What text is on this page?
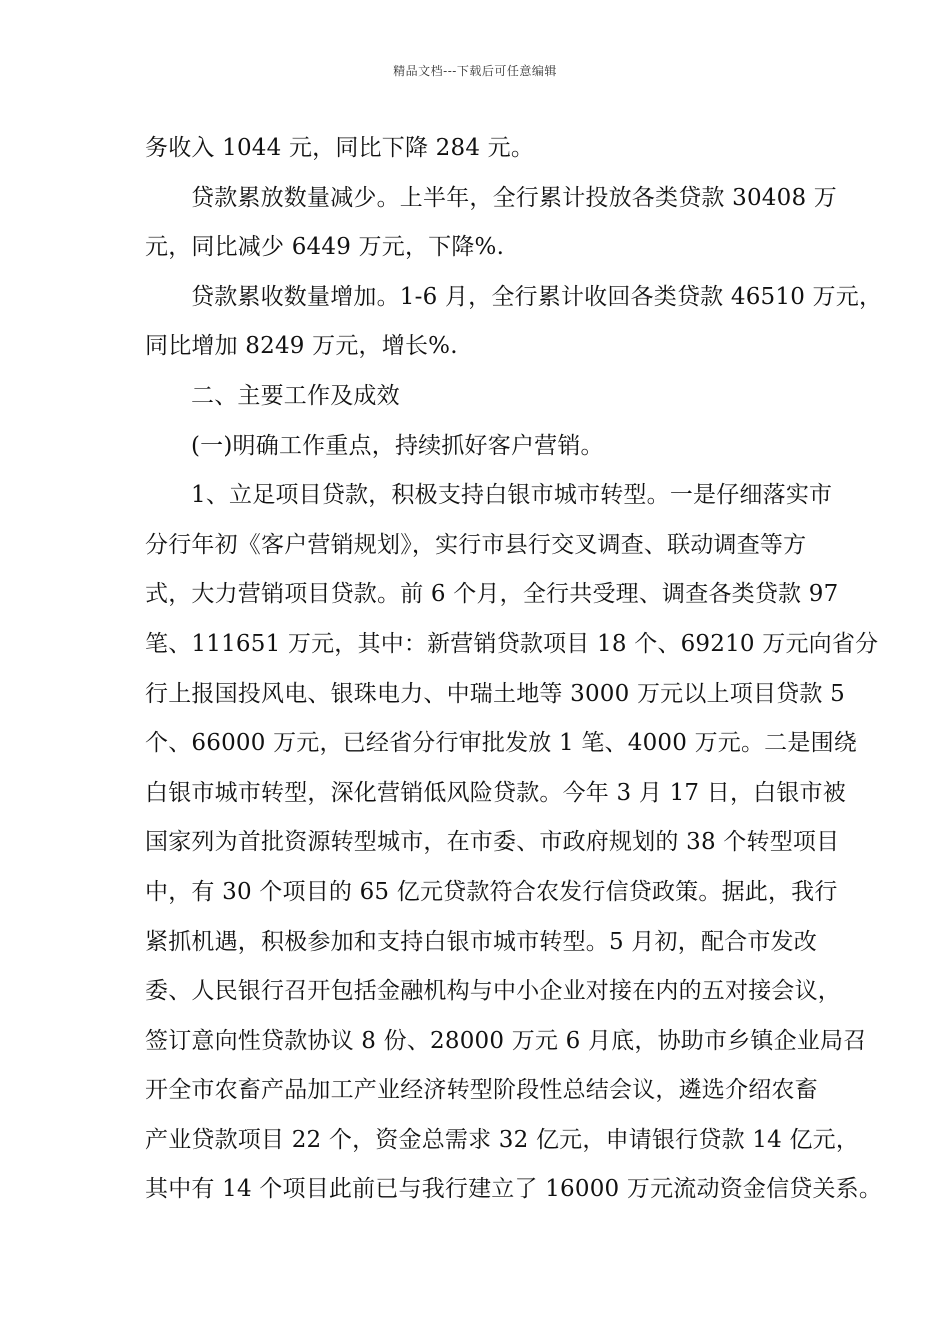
精品文档---下载后可任意编辑
务收入 1044 元，同比下降 284 元。
贷款累放数量减少。上半年，全行累计投放各类贷款 30408 万
元，同比减少 6449 万元，下降%.
贷款累收数量增加。1-6 月，全行累计收回各类贷款 46510 万元，
同比增加 8249 万元，增长%.
二、主要工作及成效
(一)明确工作重点，持续抓好客户营销。
1、立足项目贷款，积极支持白银市城市转型。一是仔细落实市
分行年初《客户营销规划》，实行市县行交叉调查、联动调查等方
式，大力营销项目贷款。前 6 个月，全行共受理、调查各类贷款 97
笔、111651 万元，其中：新营销贷款项目 18 个、69210 万元向省分
行上报国投风电、银珠电力、中瑞土地等 3000 万元以上项目贷款 5
个、66000 万元，已经省分行审批发放 1 笔、4000 万元。二是围绕
白银市城市转型，深化营销低风险贷款。今年 3 月 17 日，白银市被
国家列为首批资源转型城市，在市委、市政府规划的 38 个转型项目
中，有 30 个项目的 65 亿元贷款符合农发行信贷政策。据此，我行
紧抓机遇，积极参加和支持白银市城市转型。5 月初，配合市发改
委、人民银行召开包括金融机构与中小企业对接在内的五对接会议，
签订意向性贷款协议 8 份、28000 万元 6 月底，协助市乡镇企业局召
开全市农畜产品加工产业经济转型阶段性总结会议，遴选介绍农畜
产业贷款项目 22 个，资金总需求 32 亿元，申请银行贷款 14 亿元，
其中有 14 个项目此前已与我行建立了 16000 万元流动资金信贷关系。
